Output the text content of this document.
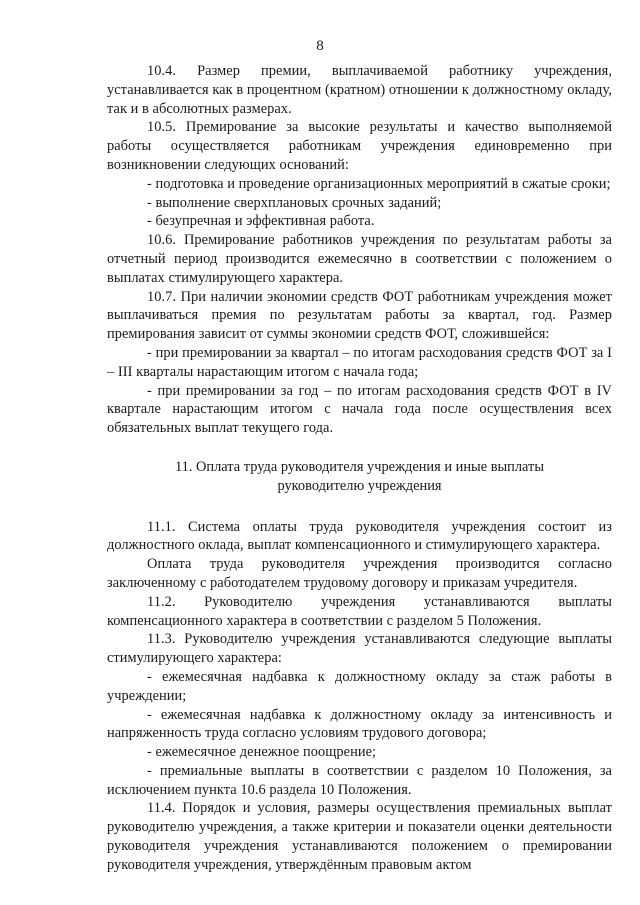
8

10.4. Размер премии, выплачиваемой работнику учреждения, устанавливается как в процентном (кратном) отношении к должностному окладу, так и в абсолютных размерах.

10.5. Премирование за высокие результаты и качество выполняемой работы осуществляется работникам учреждения единовременно при возникновении следующих оснований:

- подготовка и проведение организационных мероприятий в сжатые сроки;

- выполнение сверхплановых срочных заданий;

- безупречная и эффективная работа.

10.6. Премирование работников учреждения по результатам работы за отчетный период производится ежемесячно в соответствии с положением о выплатах стимулирующего характера.

10.7. При наличии экономии средств ФОТ работникам учреждения может выплачиваться премия по результатам работы за квартал, год. Размер премирования зависит от суммы экономии средств ФОТ, сложившейся:

- при премировании за квартал – по итогам расходования средств ФОТ за I – III кварталы нарастающим итогом с начала года;

- при премировании за год – по итогам расходования средств ФОТ в IV квартале нарастающим итогом с начала года после осуществления всех обязательных выплат текущего года.

11. Оплата труда руководителя учреждения и иные выплаты
руководителю учреждения

11.1. Система оплаты труда руководителя учреждения состоит из должностного оклада, выплат компенсационного и стимулирующего характера.

Оплата труда руководителя учреждения производится согласно заключенному с работодателем трудовому договору и приказам учредителя.

11.2. Руководителю учреждения устанавливаются выплаты компенсационного характера в соответствии с разделом 5 Положения.

11.3. Руководителю учреждения устанавливаются следующие выплаты стимулирующего характера:

- ежемесячная надбавка к должностному окладу за стаж работы в учреждении;

- ежемесячная надбавка к должностному окладу за интенсивность и напряженность труда согласно условиям трудового договора;

- ежемесячное денежное поощрение;

- премиальные выплаты в соответствии с разделом 10 Положения, за исключением пункта 10.6 раздела 10 Положения.

11.4. Порядок и условия, размеры осуществления премиальных выплат руководителю учреждения, а также критерии и показатели оценки деятельности руководителя учреждения устанавливаются положением о премировании руководителя учреждения, утверждённым правовым актом
